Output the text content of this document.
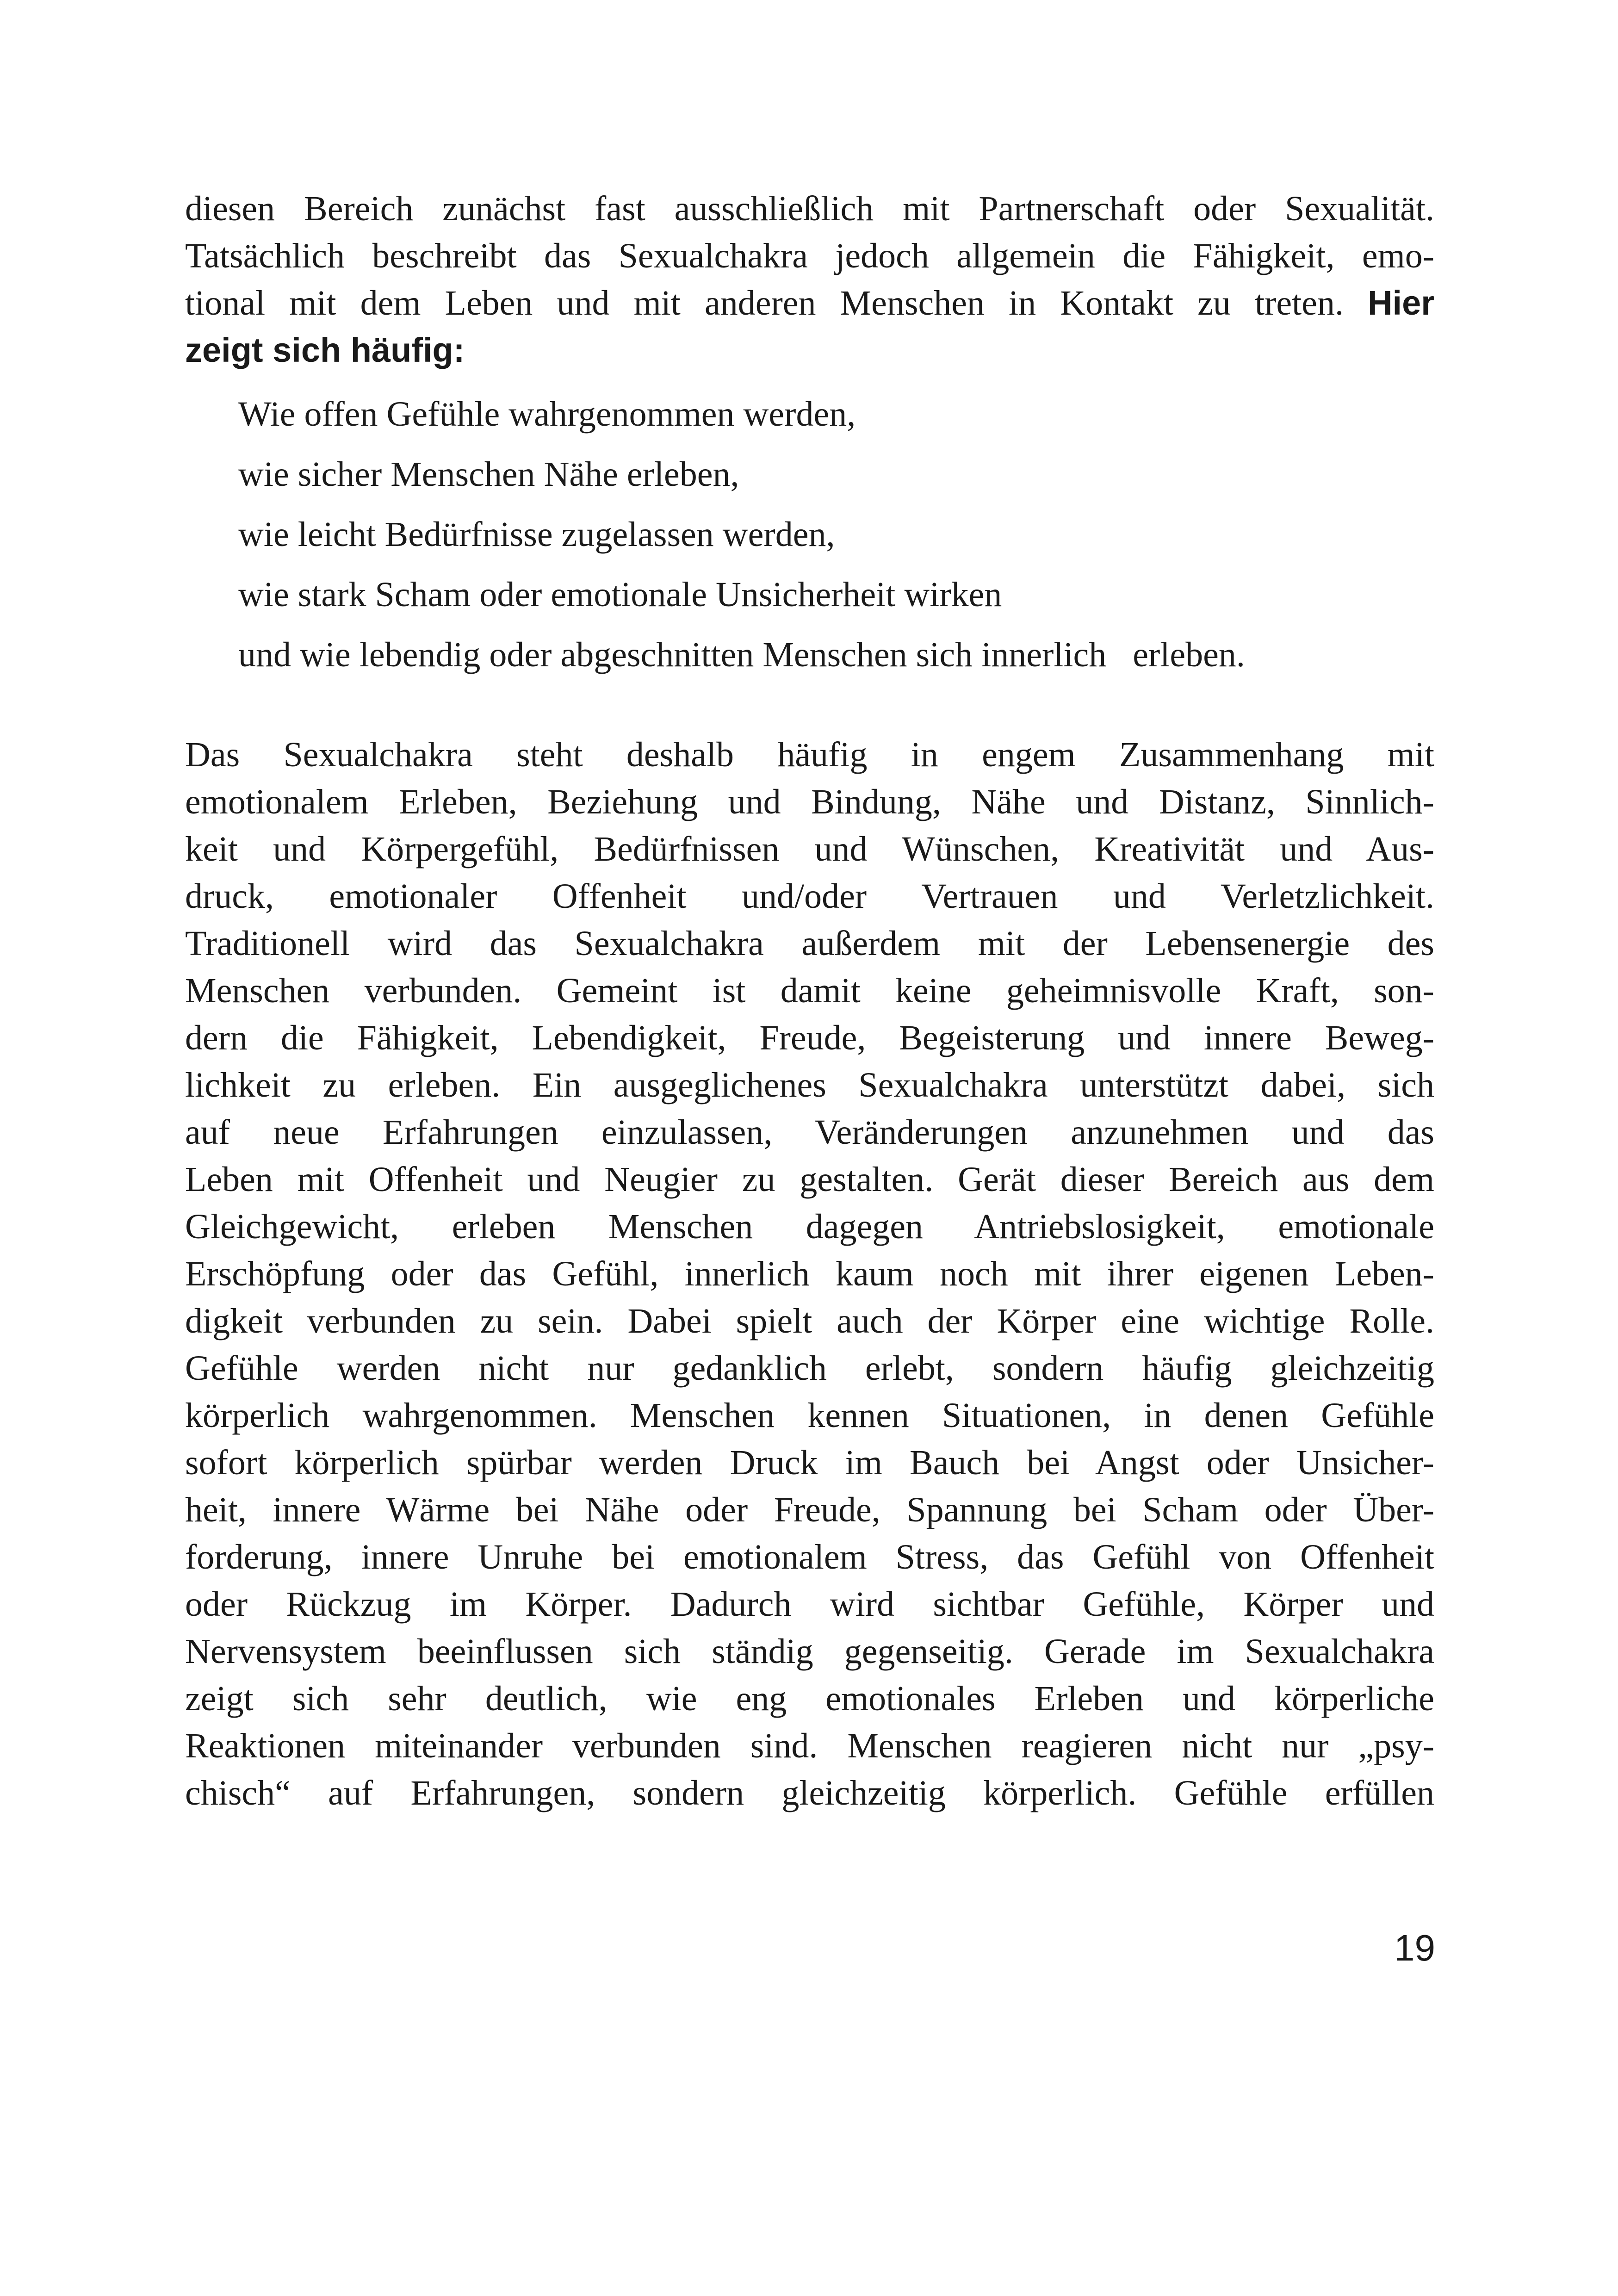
diesen Bereich zunächst fast ausschließlich mit Partnerschaft oder Sexualität.
Tatsächlich beschreibt das Sexualchakra jedoch allgemein die Fähigkeit, emo-
tional mit dem Leben und mit anderen Menschen in Kontakt zu treten. Hier
zeigt sich häufig:
Wie offen Gefühle wahrgenommen werden,
wie sicher Menschen Nähe erleben,
wie leicht Bedürfnisse zugelassen werden,
wie stark Scham oder emotionale Unsicherheit wirken
und wie lebendig oder abgeschnitten Menschen sich innerlich   erleben.
Das Sexualchakra steht deshalb häufig in engem Zusammenhang mit
emotionalem Erleben, Beziehung und Bindung, Nähe und Distanz, Sinnlich-
keit und Körpergefühl, Bedürfnissen und Wünschen, Kreativität und Aus-
druck, emotionaler Offenheit und/oder Vertrauen und Verletzlichkeit.
Traditionell wird das Sexualchakra außerdem mit der Lebensenergie des
Menschen verbunden. Gemeint ist damit keine geheimnisvolle Kraft, son-
dern die Fähigkeit, Lebendigkeit, Freude, Begeisterung und innere Beweg-
lichkeit zu erleben. Ein ausgeglichenes Sexualchakra unterstützt dabei, sich
auf neue Erfahrungen einzulassen, Veränderungen anzunehmen und das
Leben mit Offenheit und Neugier zu gestalten. Gerät dieser Bereich aus dem
Gleichgewicht, erleben Menschen dagegen Antriebslosigkeit, emotionale
Erschöpfung oder das Gefühl, innerlich kaum noch mit ihrer eigenen Leben-
digkeit verbunden zu sein. Dabei spielt auch der Körper eine wichtige Rolle.
Gefühle werden nicht nur gedanklich erlebt, sondern häufig gleichzeitig
körperlich wahrgenommen. Menschen kennen Situationen, in denen Gefühle
sofort körperlich spürbar werden Druck im Bauch bei Angst oder Unsicher-
heit, innere Wärme bei Nähe oder Freude, Spannung bei Scham oder Über-
forderung, innere Unruhe bei emotionalem Stress, das Gefühl von Offenheit
oder Rückzug im Körper. Dadurch wird sichtbar Gefühle, Körper und
Nervensystem beeinflussen sich ständig gegenseitig. Gerade im Sexualchakra
zeigt sich sehr deutlich, wie eng emotionales Erleben und körperliche
Reaktionen miteinander verbunden sind. Menschen reagieren nicht nur „psy-
chisch“ auf Erfahrungen, sondern gleichzeitig körperlich. Gefühle erfüllen
19
